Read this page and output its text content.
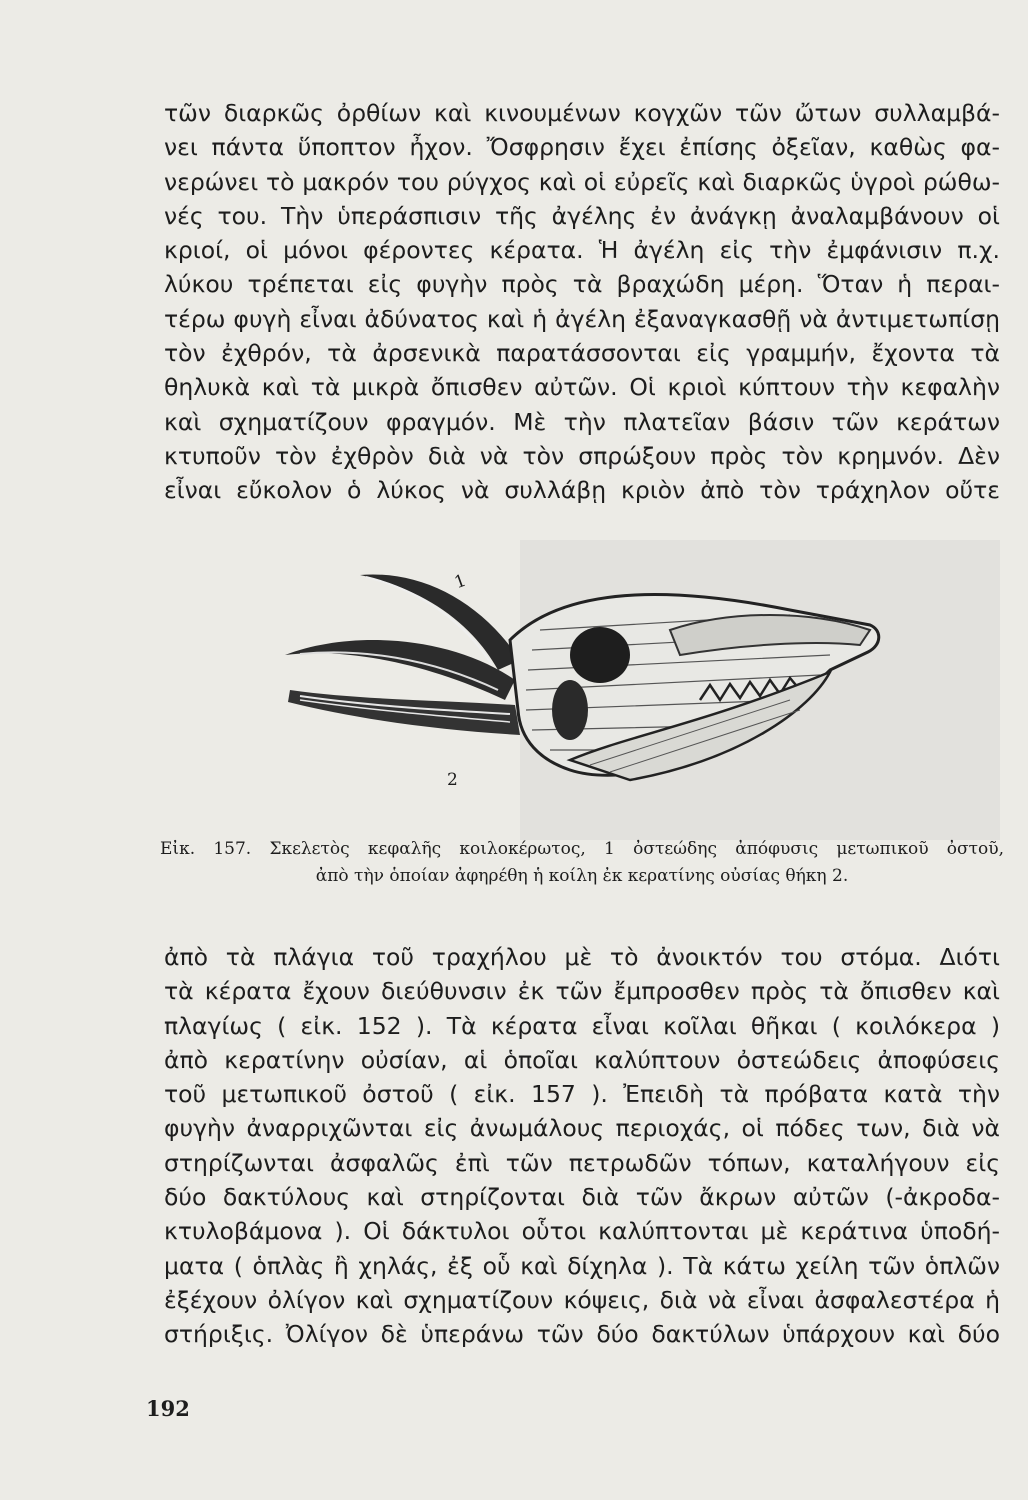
τῶν διαρκῶς ὀρθίων καὶ κινουμένων κογχῶν τῶν ὤτων συλλαμβά-
νει πάντα ὕποπτον ἦχον. Ὄσφρησιν ἔχει ἐπίσης ὀξεῖαν, καθὼς φα-
νερώνει τὸ μακρόν του ρύγχος καὶ οἱ εὐρεῖς καὶ διαρκῶς ὑγροὶ ρώθω-
νές του. Τὴν ὑπεράσπισιν τῆς ἀγέλης ἐν ἀνάγκῃ ἀναλαμβάνουν οἱ
κριοί, οἱ μόνοι φέροντες κέρατα. Ἡ ἀγέλη εἰς τὴν ἐμφάνισιν π.χ.
λύκου τρέπεται εἰς φυγὴν πρὸς τὰ βραχώδη μέρη. Ὅταν ἡ περαι-
τέρω φυγὴ εἶναι ἀδύνατος καὶ ἡ ἀγέλη ἐξαναγκασθῇ νὰ ἀντιμετωπίσῃ
τὸν ἐχθρόν, τὰ ἀρσενικὰ παρατάσσονται εἰς γραμμήν, ἔχοντα τὰ
θηλυκὰ καὶ τὰ μικρὰ ὄπισθεν αὐτῶν. Οἱ κριοὶ κύπτουν τὴν κεφαλὴν
καὶ σχηματίζουν φραγμόν. Μὲ τὴν πλατεῖαν βάσιν τῶν κεράτων
κτυποῦν τὸν ἐχθρὸν διὰ νὰ τὸν σπρώξουν πρὸς τὸν κρημνόν. Δὲν
εἶναι εὔκολον ὁ λύκος νὰ συλλάβῃ κριὸν ἀπὸ τὸν τράχηλον οὔτε
1
2
Εἰκ. 157. Σκελετὸς κεφαλῆς κοιλοκέρωτος, 1 ὀστεώδης ἀπόφυσις μετωπικοῦ ὀστοῦ,
ἀπὸ τὴν ὁποίαν ἀφηρέθη ἡ κοίλη ἐκ κερατίνης οὐσίας θήκη 2.
ἀπὸ τὰ πλάγια τοῦ τραχήλου μὲ τὸ ἀνοικτόν του στόμα. Διότι
τὰ κέρατα ἔχουν διεύθυνσιν ἐκ τῶν ἔμπροσθεν πρὸς τὰ ὄπισθεν καὶ
πλαγίως ( εἰκ. 152 ). Τὰ κέρατα εἶναι κοῖλαι θῆκαι ( κοιλόκερα )
ἀπὸ κερατίνην οὐσίαν, αἱ ὁποῖαι καλύπτουν ὀστεώδεις ἀποφύσεις
τοῦ μετωπικοῦ ὀστοῦ ( εἰκ. 157 ). Ἐπειδὴ τὰ πρόβατα κατὰ τὴν
φυγὴν ἀναρριχῶνται εἰς ἀνωμάλους περιοχάς, οἱ πόδες των, διὰ νὰ
στηρίζωνται ἀσφαλῶς ἐπὶ τῶν πετρωδῶν τόπων, καταλήγουν εἰς
δύο δακτύλους καὶ στηρίζονται διὰ τῶν ἄκρων αὐτῶν (-ἀκροδα-
κτυλοβάμονα ). Οἱ δάκτυλοι οὗτοι καλύπτονται μὲ κεράτινα ὑποδή-
ματα ( ὁπλὰς ἢ χηλάς, ἐξ οὗ καὶ δίχηλα ). Τὰ κάτω χείλη τῶν ὁπλῶν
ἐξέχουν ὀλίγον καὶ σχηματίζουν κόψεις, διὰ νὰ εἶναι ἀσφαλεστέρα ἡ
στήριξις. Ὀλίγον δὲ ὑπεράνω τῶν δύο δακτύλων ὑπάρχουν καὶ δύο
192
